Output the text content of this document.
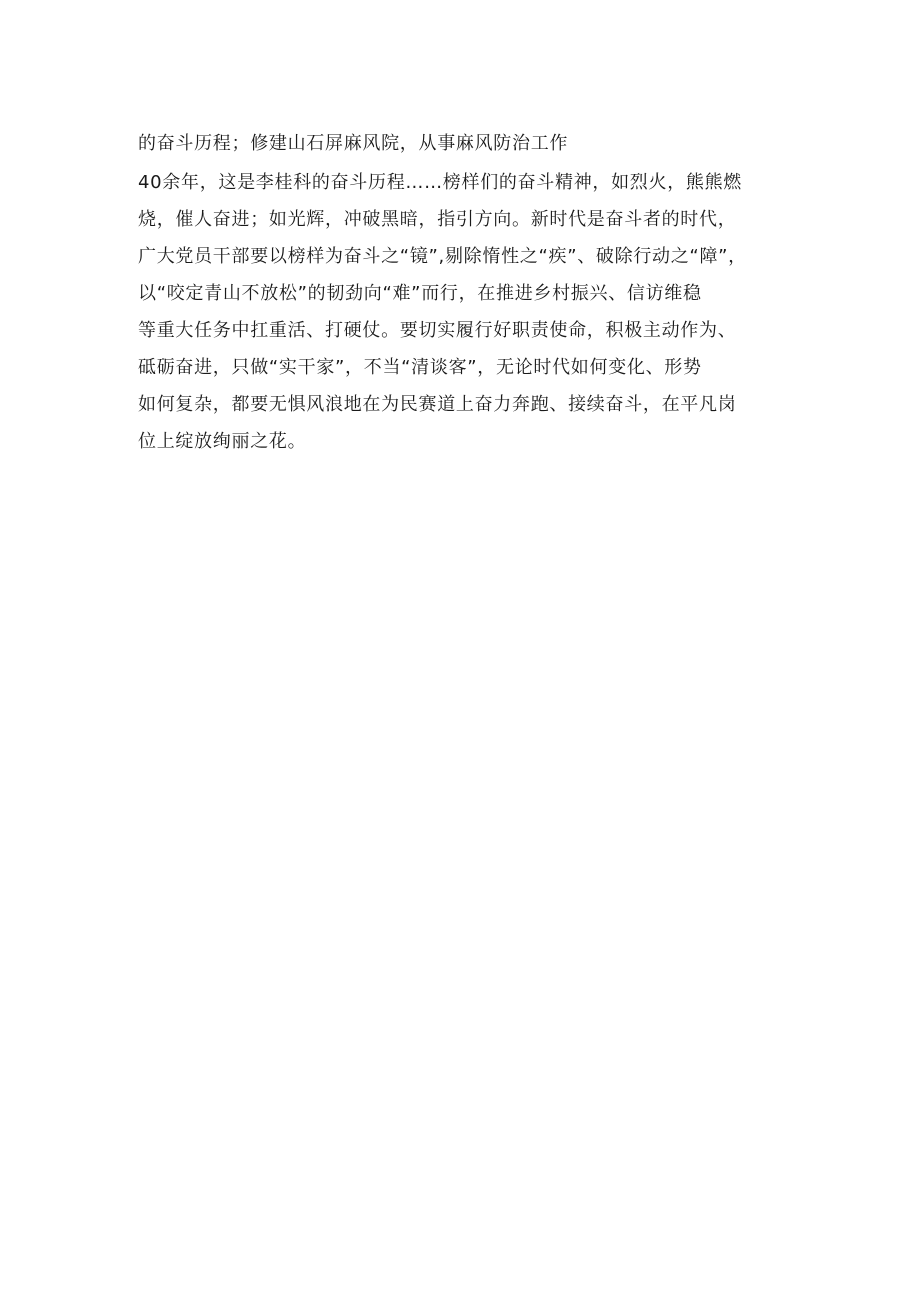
的奋斗历程；修建山石屏麻风院，从事麻风防治工作
40余年，这是李桂科的奋斗历程……榜样们的奋斗精神，如烈火，熊熊燃
烧，催人奋进；如光辉，冲破黑暗，指引方向。新时代是奋斗者的时代，
广大党员干部要以榜样为奋斗之“镜”,剔除惰性之“疾”、破除行动之“障”，
以“咬定青山不放松”的韧劲向“难”而行，在推进乡村振兴、信访维稳
等重大任务中扛重活、打硬仗。要切实履行好职责使命，积极主动作为、
砥砺奋进，只做“实干家”，不当“清谈客”，无论时代如何变化、形势
如何复杂，都要无惧风浪地在为民赛道上奋力奔跑、接续奋斗，在平凡岗
位上绽放绚丽之花。
